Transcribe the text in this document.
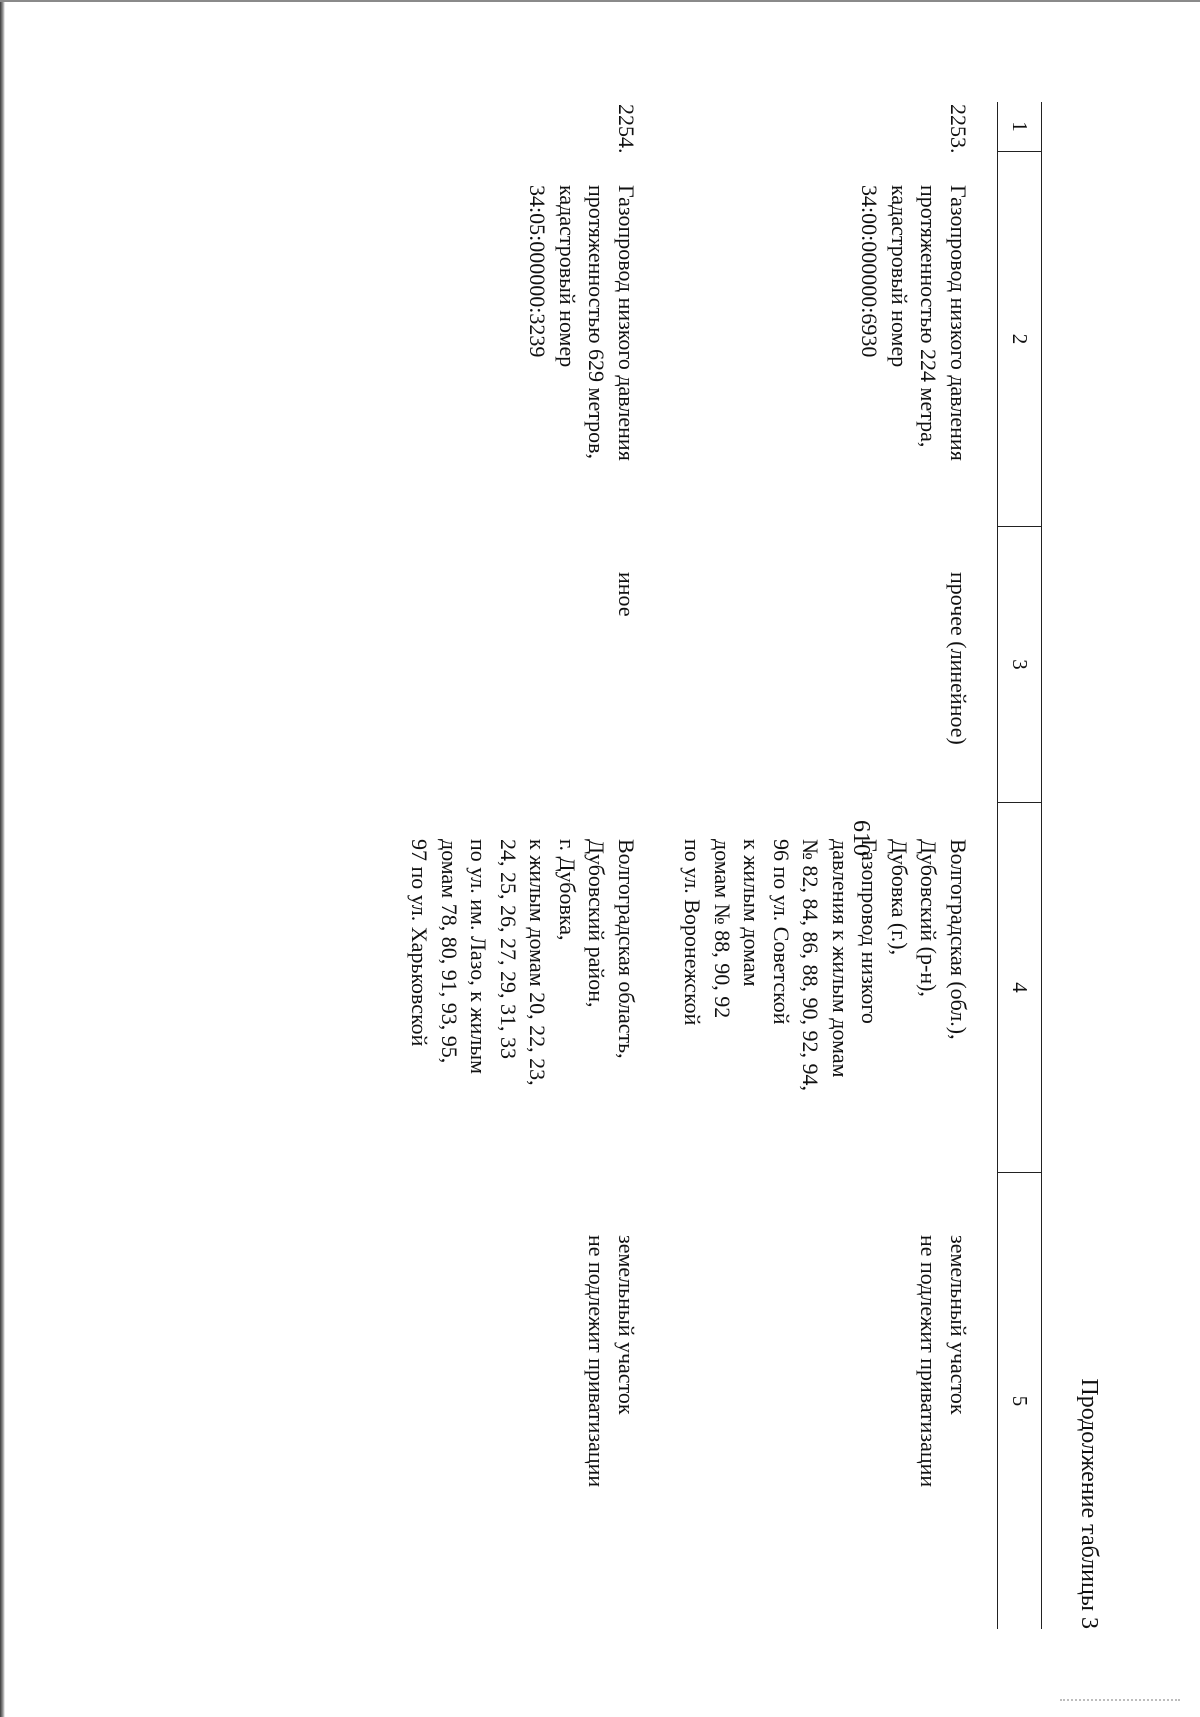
610
Продолжение таблицы 3
1
2
3
4
5
2253.
Газопровод низкого давления
протяженностью 224 метра,
кадастровый номер
34:00:000000:6930
прочее (линейное)
Волгоградская (обл.),
Дубовский (р-н),
Дубовка (г.),
Газопровод низкого
давления к жилым домам
№ 82, 84, 86, 88, 90, 92, 94,
96 по ул. Советской
к жилым домам
домам № 88, 90, 92
по ул. Воронежской
земельный участок
не подлежит приватизации
2254.
Газопровод низкого давления
протяженностью 629 метров,
кадастровый номер
34:05:000000:3239
иное
Волгоградская область,
Дубовский район,
г. Дубовка,
к жилым домам 20, 22, 23,
24, 25, 26, 27, 29, 31, 33
по ул. им. Лазо, к жилым
домам 78, 80, 91, 93, 95,
97 по ул. Харьковской
земельный участок
не подлежит приватизации
